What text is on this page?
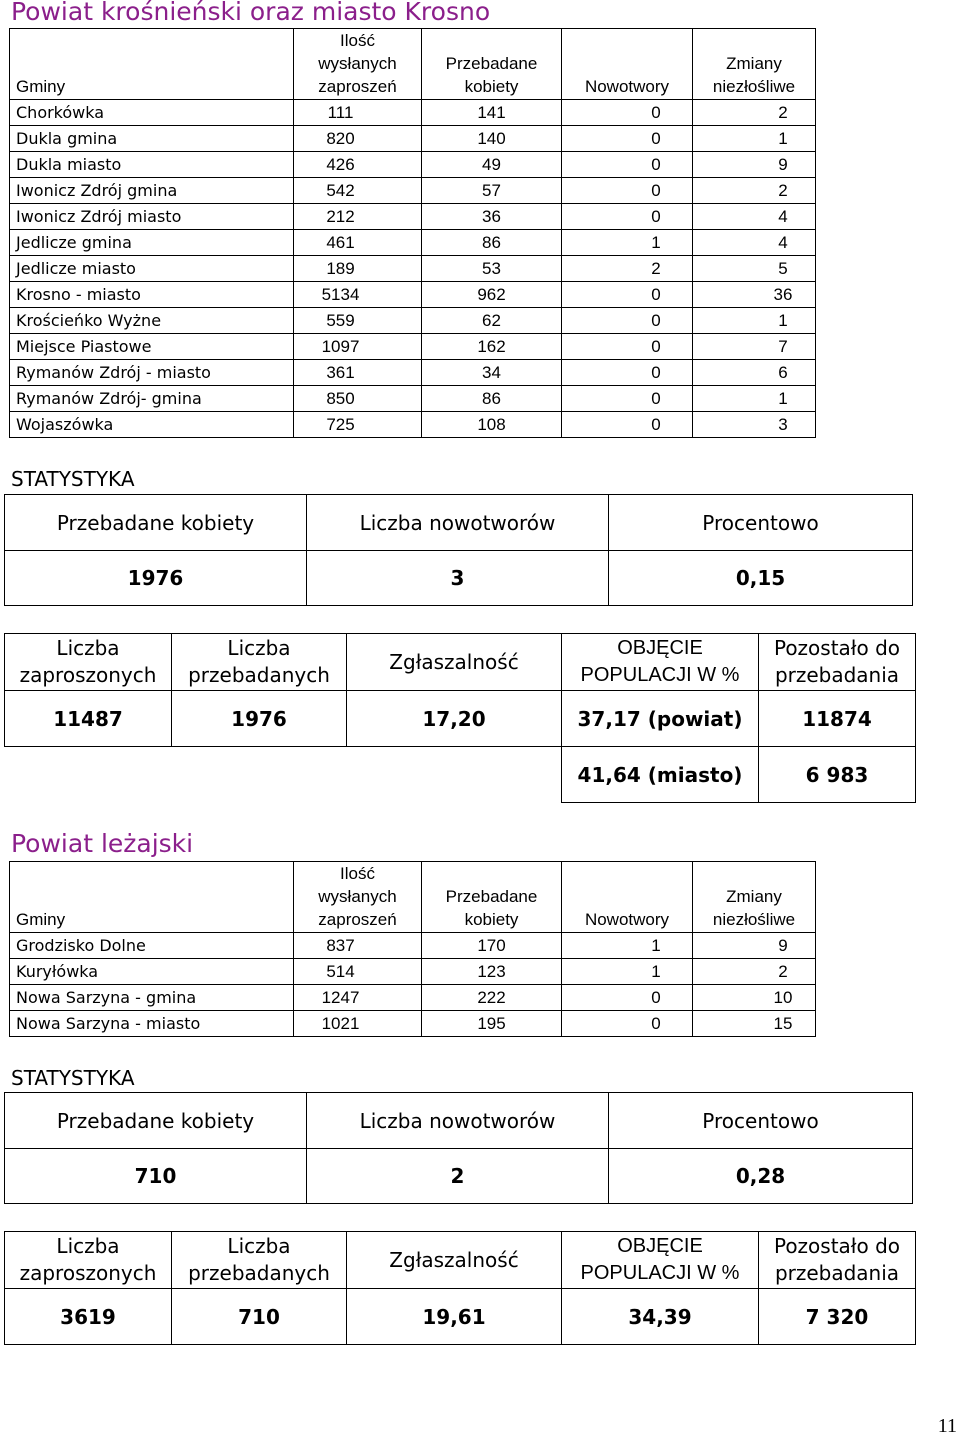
Powiat krośnieński oraz miasto Krosno
Gminy	Ilość
wysłanych
zaproszeń	Przebadane
kobiety	Nowotwory	Zmiany
niezłośliwe
Chorkówka	111	141	0	2
Dukla gmina	820	140	0	1
Dukla miasto	426	49	0	9
Iwonicz Zdrój gmina	542	57	0	2
Iwonicz Zdrój miasto	212	36	0	4
Jedlicze gmina	461	86	1	4
Jedlicze miasto	189	53	2	5
Krosno - miasto	5134	962	0	36
Krościeńko Wyżne	559	62	0	1
Miejsce Piastowe	1097	162	0	7
Rymanów Zdrój - miasto	361	34	0	6
Rymanów Zdrój- gmina	850	86	0	1
Wojaszówka	725	108	0	3
STATYSTYKA
Przebadane kobiety	Liczba nowotworów	Procentowo
1976	3	0,15
Liczba
zaproszonych	Liczba
przebadanych	Zgłaszalność	OBJĘCIE
POPULACJI W %	Pozostało do
przebadania
11487	1976	17,20	37,17 (powiat)	11874
			41,64 (miasto)	6 983
Powiat leżajski
Gminy	Ilość
wysłanych
zaproszeń	Przebadane
kobiety	Nowotwory	Zmiany
niezłośliwe
Grodzisko Dolne	837	170	1	9
Kuryłówka	514	123	1	2
Nowa Sarzyna - gmina	1247	222	0	10
Nowa Sarzyna - miasto	1021	195	0	15
STATYSTYKA
Przebadane kobiety	Liczba nowotworów	Procentowo
710	2	0,28
Liczba
zaproszonych	Liczba
przebadanych	Zgłaszalność	OBJĘCIE
POPULACJI W %	Pozostało do
przebadania
3619	710	19,61	34,39	7 320
11
